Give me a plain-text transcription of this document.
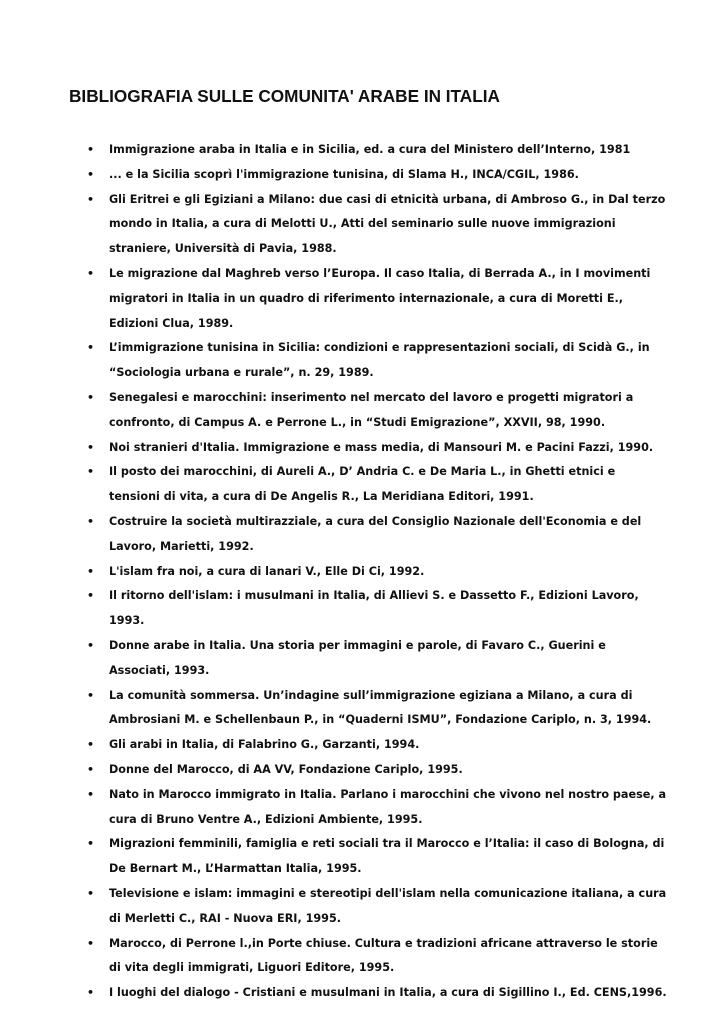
BIBLIOGRAFIA SULLE COMUNITA' ARABE IN ITALIA
• Immigrazione araba in Italia e in Sicilia, ed. a cura del Ministero dell’Interno, 1981
• ... e la Sicilia scoprì l'immigrazione tunisina, di Slama H., INCA/CGIL, 1986.
• Gli Eritrei e gli Egiziani a Milano: due casi di etnicità urbana, di Ambroso G., in Dal terzo mondo in Italia, a cura di Melotti U., Atti del seminario sulle nuove immigrazioni straniere, Università di Pavia, 1988.
• Le migrazione dal Maghreb verso l’Europa. Il caso Italia, di Berrada A., in I movimenti migratori in Italia in un quadro di riferimento internazionale, a cura di Moretti E., Edizioni Clua, 1989.
• L’immigrazione tunisina in Sicilia: condizioni e rappresentazioni sociali, di Scidà G., in “Sociologia urbana e rurale”, n. 29, 1989.
• Senegalesi e marocchini: inserimento nel mercato del lavoro e progetti migratori a confronto, di Campus A. e Perrone L., in “Studi Emigrazione”, XXVII, 98, 1990.
• Noi stranieri d'Italia. Immigrazione e mass media, di Mansouri M. e Pacini Fazzi, 1990.
• Il posto dei marocchini, di Aureli A., D’ Andria C. e De Maria L., in Ghetti etnici e tensioni di vita, a cura di De Angelis R., La Meridiana Editori, 1991.
• Costruire la società multirazziale, a cura del Consiglio Nazionale dell'Economia e del Lavoro, Marietti, 1992.
• L'islam fra noi, a cura di lanari V., Elle Di Ci, 1992.
• Il ritorno dell'islam: i musulmani in Italia, di Allievi S. e Dassetto F., Edizioni Lavoro, 1993.
• Donne arabe in Italia. Una storia per immagini e parole, di Favaro C., Guerini e Associati, 1993.
• La comunità sommersa. Un’indagine sull’immigrazione egiziana a Milano, a cura di Ambrosiani M. e Schellenbaun P., in “Quaderni ISMU”, Fondazione Cariplo, n. 3, 1994.
• Gli arabi in Italia, di Falabrino G., Garzanti, 1994.
• Donne del Marocco, di AA VV, Fondazione Cariplo, 1995.
• Nato in Marocco immigrato in Italia. Parlano i marocchini che vivono nel nostro paese, a cura di Bruno Ventre A., Edizioni Ambiente, 1995.
• Migrazioni femminili, famiglia e reti sociali tra il Marocco e l’Italia: il caso di Bologna, di De Bernart M., L’Harmattan Italia, 1995.
• Televisione e islam: immagini e stereotipi dell'islam nella comunicazione italiana, a cura di Merletti C., RAI - Nuova ERI, 1995.
• Marocco, di Perrone l.,in Porte chiuse. Cultura e tradizioni africane attraverso le storie di vita degli immigrati, Liguori Editore, 1995.
• I luoghi del dialogo - Cristiani e musulmani in Italia, a cura di Sigillino I., Ed. CENS,1996.
